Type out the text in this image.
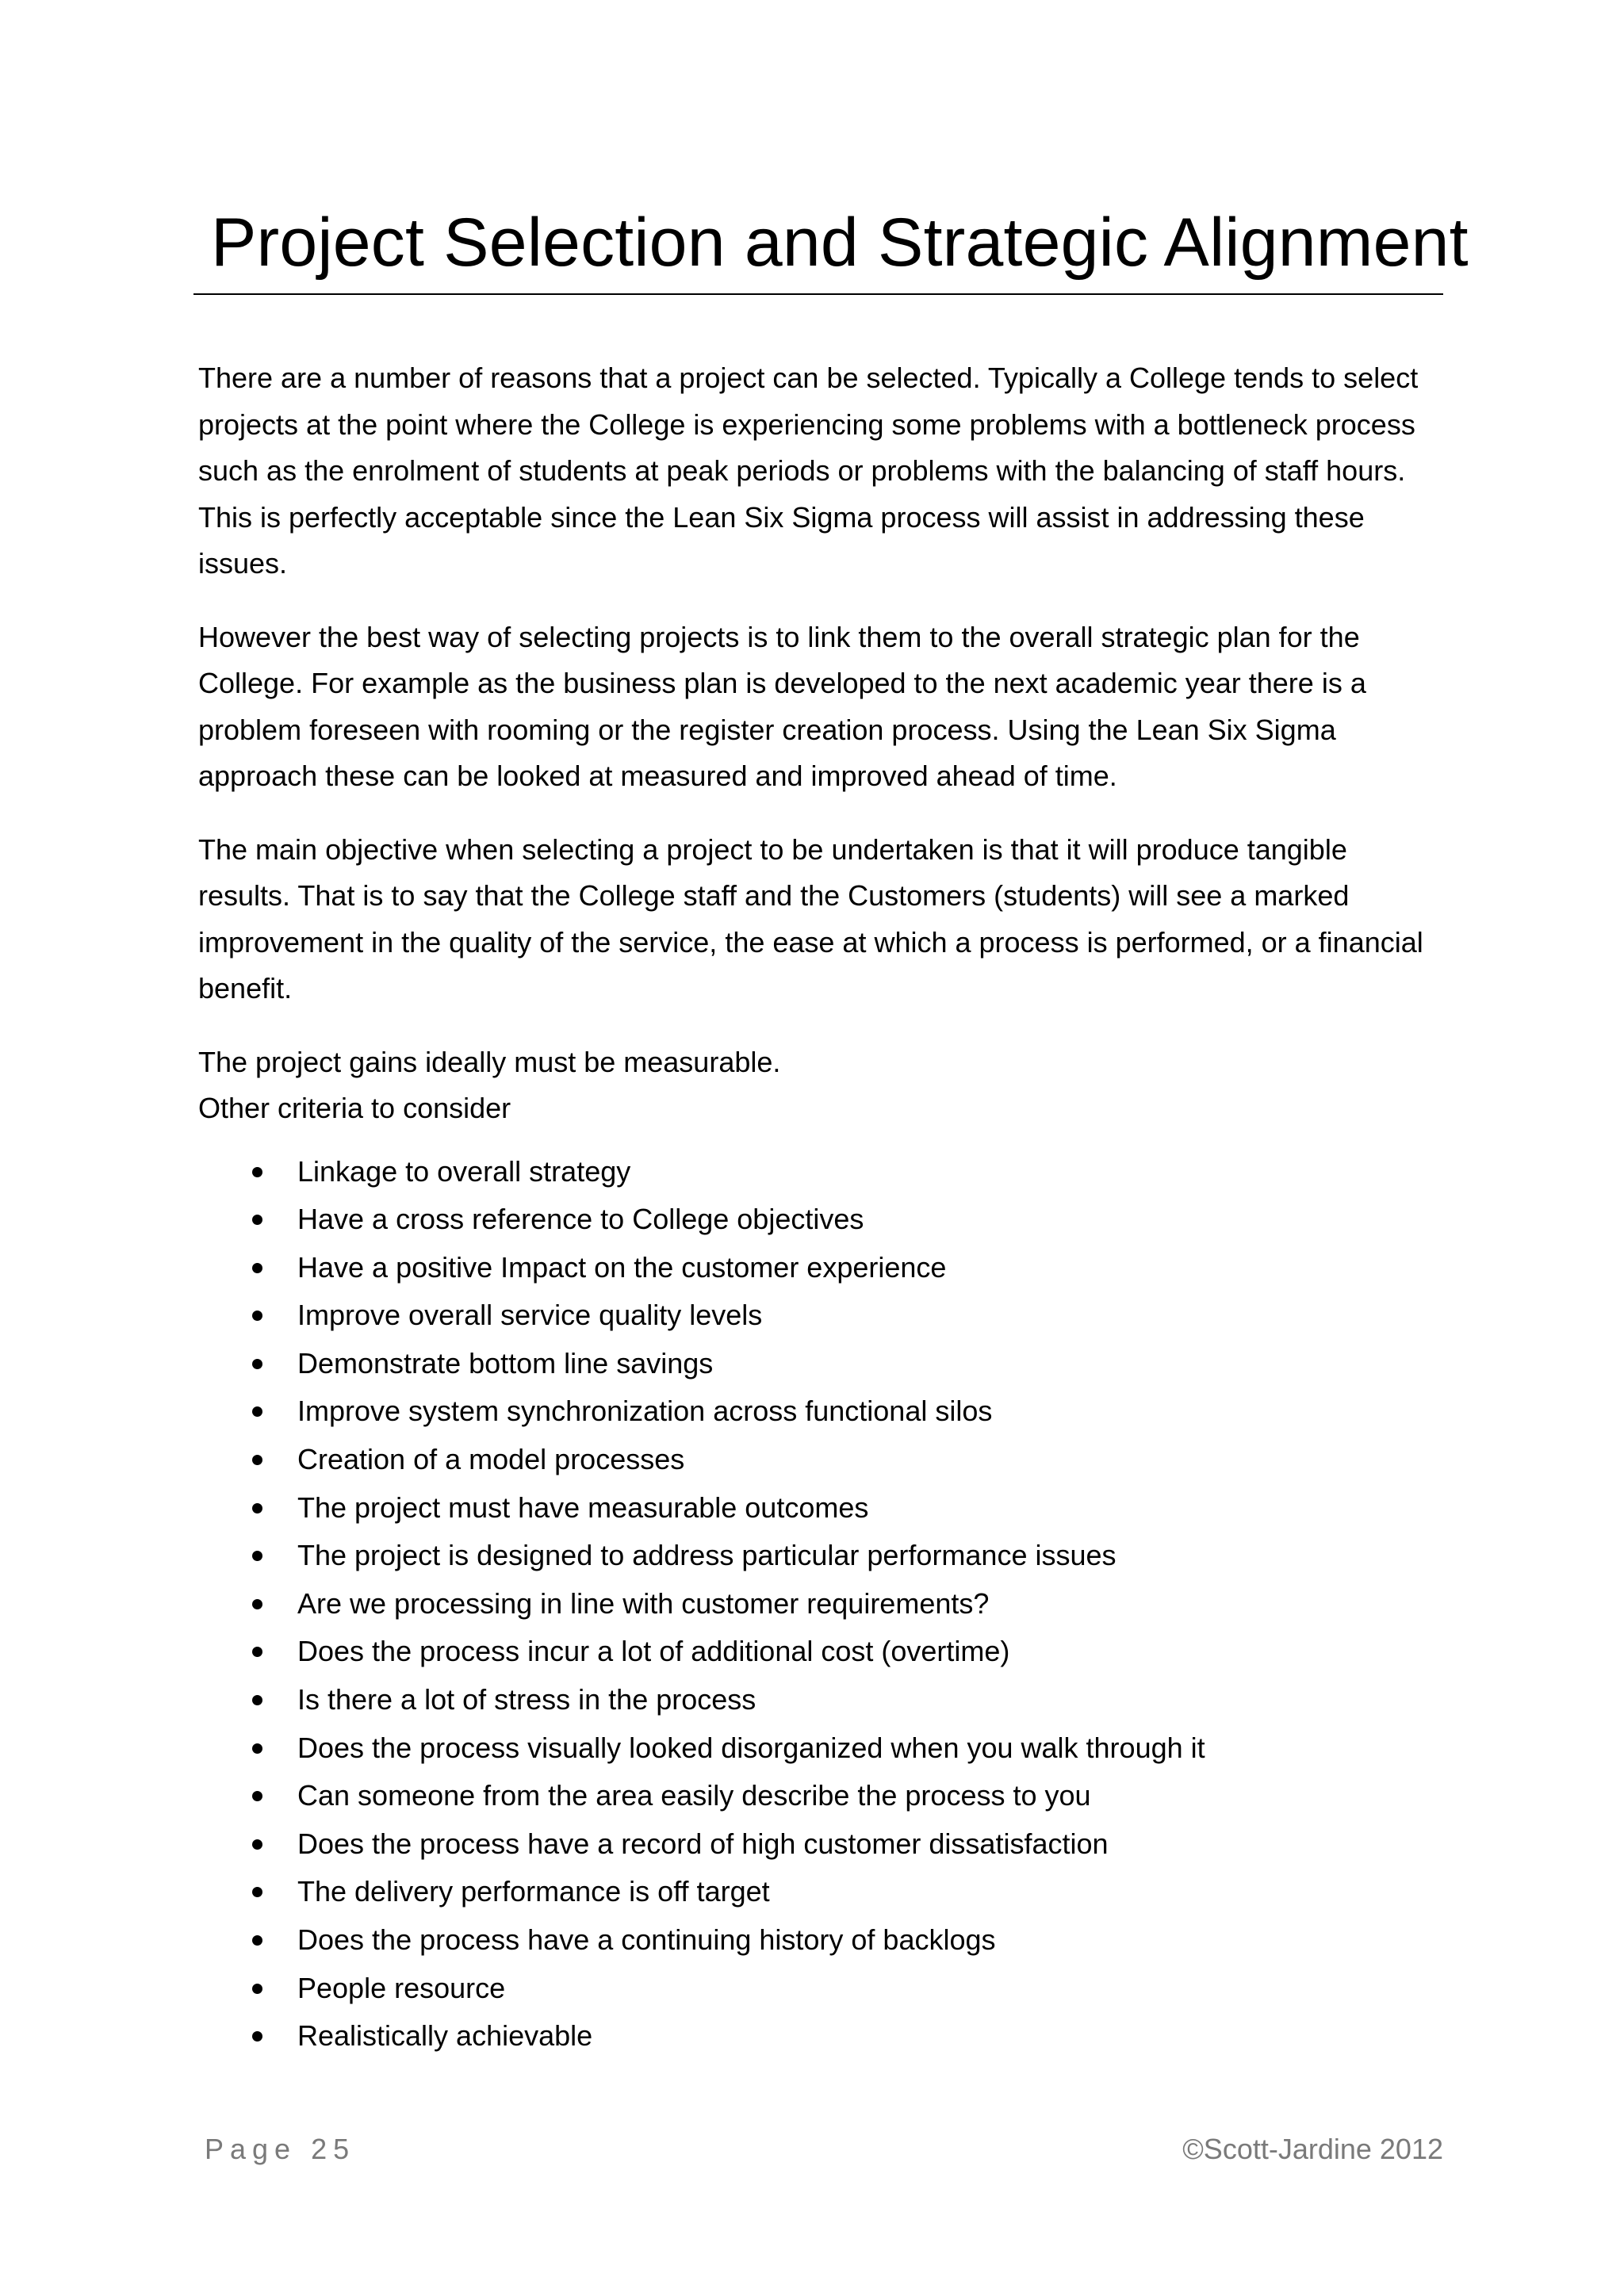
Project Selection and Strategic Alignment

There are a number of reasons that a project can be selected. Typically a College tends to select projects at the point where the College is experiencing some problems with a bottleneck process such as the enrolment of students at peak periods or problems with the balancing of staff hours. This is perfectly acceptable since the Lean Six Sigma process will assist in addressing these issues.

However the best way of selecting projects is to link them to the overall strategic plan for the College. For example as the business plan is developed to the next academic year there is a problem foreseen with rooming or the register creation process. Using the Lean Six Sigma approach these can be looked at measured and improved ahead of time.

The main objective when selecting a project to be undertaken is that it will produce tangible results. That is to say that the College staff and the Customers (students) will see a marked improvement in the quality of the service, the ease at which a process is performed, or a financial benefit.

The project gains ideally must be measurable.

Other criteria to consider

Linkage to overall strategy
Have a cross reference to College objectives
Have a positive Impact on the customer experience
Improve overall service quality levels
Demonstrate bottom line savings
Improve system synchronization across functional silos
Creation of a model processes
The project must have measurable outcomes
The project is designed to address particular performance issues
Are we processing in line with customer requirements?
Does the process incur a lot of additional cost (overtime)
Is there a lot of stress in the process
Does the process visually looked disorganized when you walk through it
Can someone from the area easily describe the process to you
Does the process have a record of high customer dissatisfaction
The delivery performance is off target
Does the process have a continuing history of backlogs
People resource
Realistically achievable
Page 25	©Scott-Jardine 2012
